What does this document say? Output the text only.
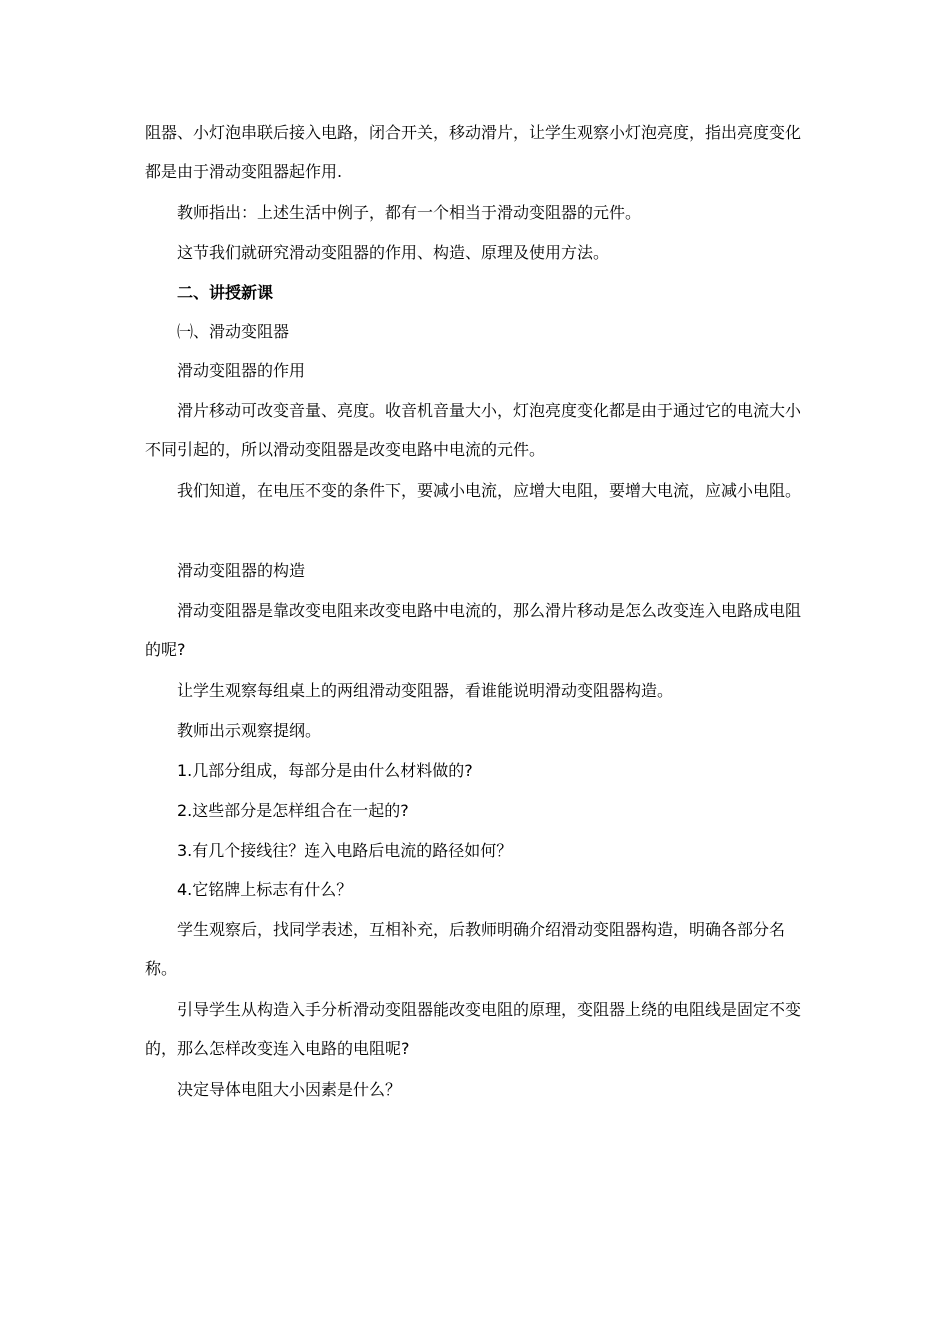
阻器、小灯泡串联后接入电路，闭合开关，移动滑片，让学生观察小灯泡亮度，指出亮度变化都是由于滑动变阻器起作用.

教师指出：上述生活中例子，都有一个相当于滑动变阻器的元件。

这节我们就研究滑动变阻器的作用、构造、原理及使用方法。

二、讲授新课

㈠、滑动变阻器

滑动变阻器的作用

滑片移动可改变音量、亮度。收音机音量大小，灯泡亮度变化都是由于通过它的电流大小不同引起的，所以滑动变阻器是改变电路中电流的元件。

我们知道，在电压不变的条件下，要减小电流，应增大电阻，要增大电流，应减小电阻。

滑动变阻器的构造

滑动变阻器是靠改变电阻来改变电路中电流的，那么滑片移动是怎么改变连入电路成电阻的呢?

让学生观察每组桌上的两组滑动变阻器，看谁能说明滑动变阻器构造。

教师出示观察提纲。

1.几部分组成，每部分是由什么材料做的?

2.这些部分是怎样组合在一起的?

3.有几个接线往？连入电路后电流的路径如何？

4.它铭牌上标志有什么？

学生观察后，找同学表述，互相补充，后教师明确介绍滑动变阻器构造，明确各部分名称。

引导学生从构造入手分析滑动变阻器能改变电阻的原理，变阻器上绕的电阻线是固定不变的，那么怎样改变连入电路的电阻呢?

决定导体电阻大小因素是什么？
